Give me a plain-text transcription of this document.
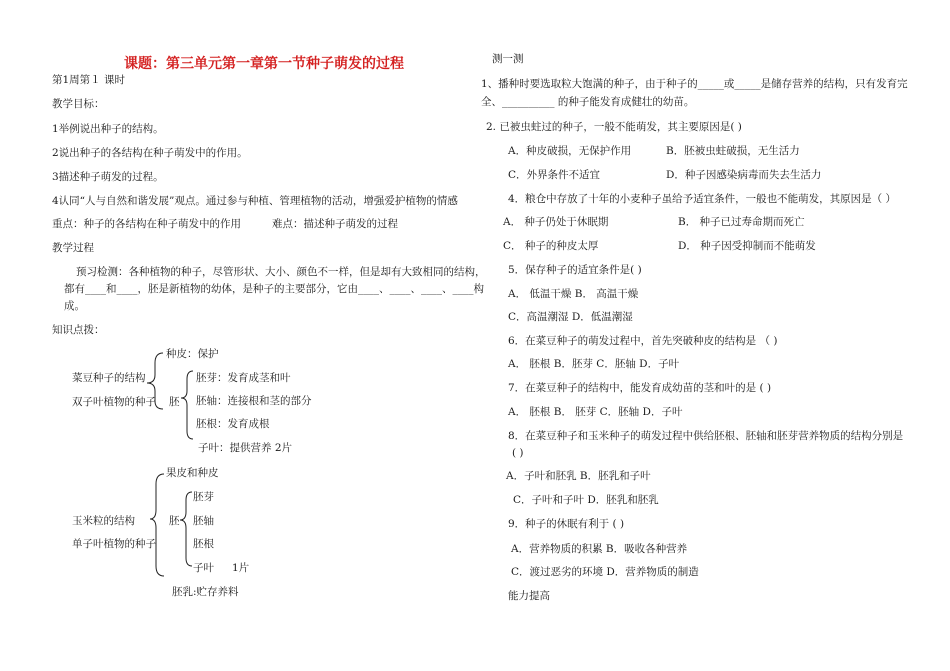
课题：第三单元第一章第一节种子萌发的过程
第1周第１ 课时
教学目标：
1举例说出种子的结构。
2说出种子的各结构在种子萌发中的作用。
3描述种子萌发的过程。
4认同“人与自然和谐发展”观点。通过参与种植、管理植物的活动，增强爱护植物的情感
重点：种子的各结构在种子萌发中的作用	难点：描述种子萌发的过程
教学过程
预习检测：各种植物的种子，尽管形状、大小、颜色不一样，但是却有大致相同的结构，
都有____和____，胚是新植物的幼体，是种子的主要部分，它由____、____、____、____构
成。
知识点拨：
种皮：保护
菜豆种子的结构
双子叶植物的种子 胚
胚芽：发育成茎和叶
胚轴：连接根和茎的部分
胚根：发育成根
子叶：提供营养 2片
果皮和种皮
玉米粒的结构
单子叶植物的种子
胚
胚芽
胚轴
胚根
子叶 1片
胚乳:贮存养料
测一测
1、播种时要选取粒大饱满的种子，由于种子的_____或_____是储存营养的结构，只有发育完
全、__________ 的种子能发育成健壮的幼苗。
2. 已被虫蛀过的种子，一般不能萌发，其主要原因是( )
A．种皮破损，无保护作用	B．胚被虫蛀破损，无生活力
C．外界条件不适宜	D．种子因感染病毒而失去生活力
4．粮仓中存放了十年的小麦种子虽给予适宜条件，一般也不能萌发，其原因是（ ）
A． 种子仍处于休眠期	B． 种子已过寿命期而死亡
C． 种子的种皮太厚	D． 种子因受抑制而不能萌发
5．保存种子的适宜条件是( )
A． 低温干燥 B． 高温干燥
C．高温潮湿 D．低温潮湿
6．在菜豆种子的萌发过程中，首先突破种皮的结构是 （ )
A． 胚根 B．胚芽 C．胚轴 D．子叶
7．在菜豆种子的结构中，能发育成幼苗的茎和叶的是 ( )
A． 胚根 B． 胚芽 C．胚轴 D．子叶
8．在菜豆种子和玉米种子的萌发过程中供给胚根、胚轴和胚芽营养物质的结构分别是
( )
A．子叶和胚乳 B．胚乳和子叶
C．子叶和子叶 D．胚乳和胚乳
9．种子的休眠有利于 ( )
A．营养物质的积累 B．吸收各种营养
C．渡过恶劣的环境 D．营养物质的制造
能力提高
